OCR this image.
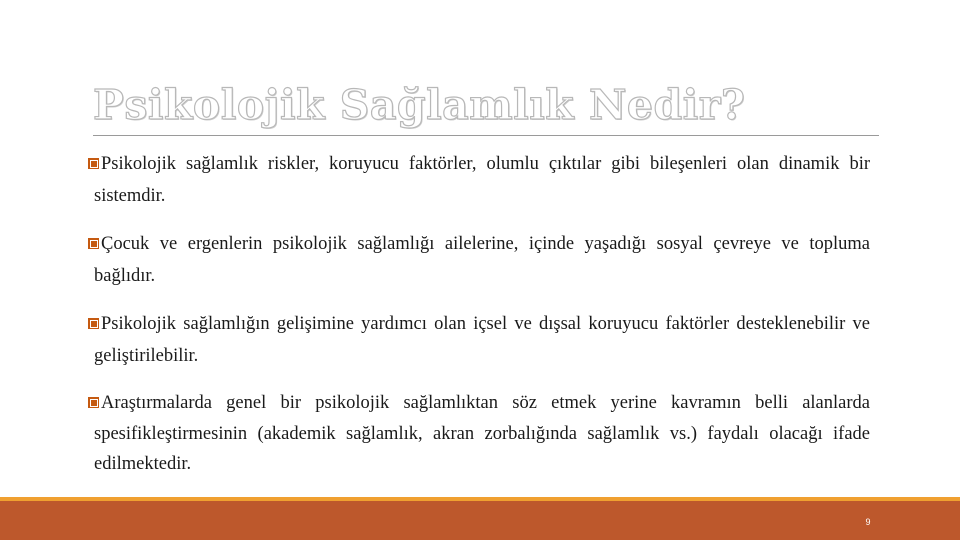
Psikolojik Sağlamlık Nedir?

Psikolojik sağlamlık riskler, koruyucu faktörler, olumlu çıktılar gibi bileşenleri olan dinamik bir sistemdir.

Çocuk ve ergenlerin psikolojik sağlamlığı ailelerine, içinde yaşadığı sosyal çevreye ve topluma bağlıdır.

Psikolojik sağlamlığın gelişimine yardımcı olan içsel ve dışsal koruyucu faktörler desteklenebilir ve geliştirilebilir.

Araştırmalarda genel bir psikolojik sağlamlıktan söz etmek yerine kavramın belli alanlarda spesifikleştirmesinin (akademik sağlamlık, akran zorbalığında sağlamlık vs.) faydalı olacağı ifade edilmektedir.

9
